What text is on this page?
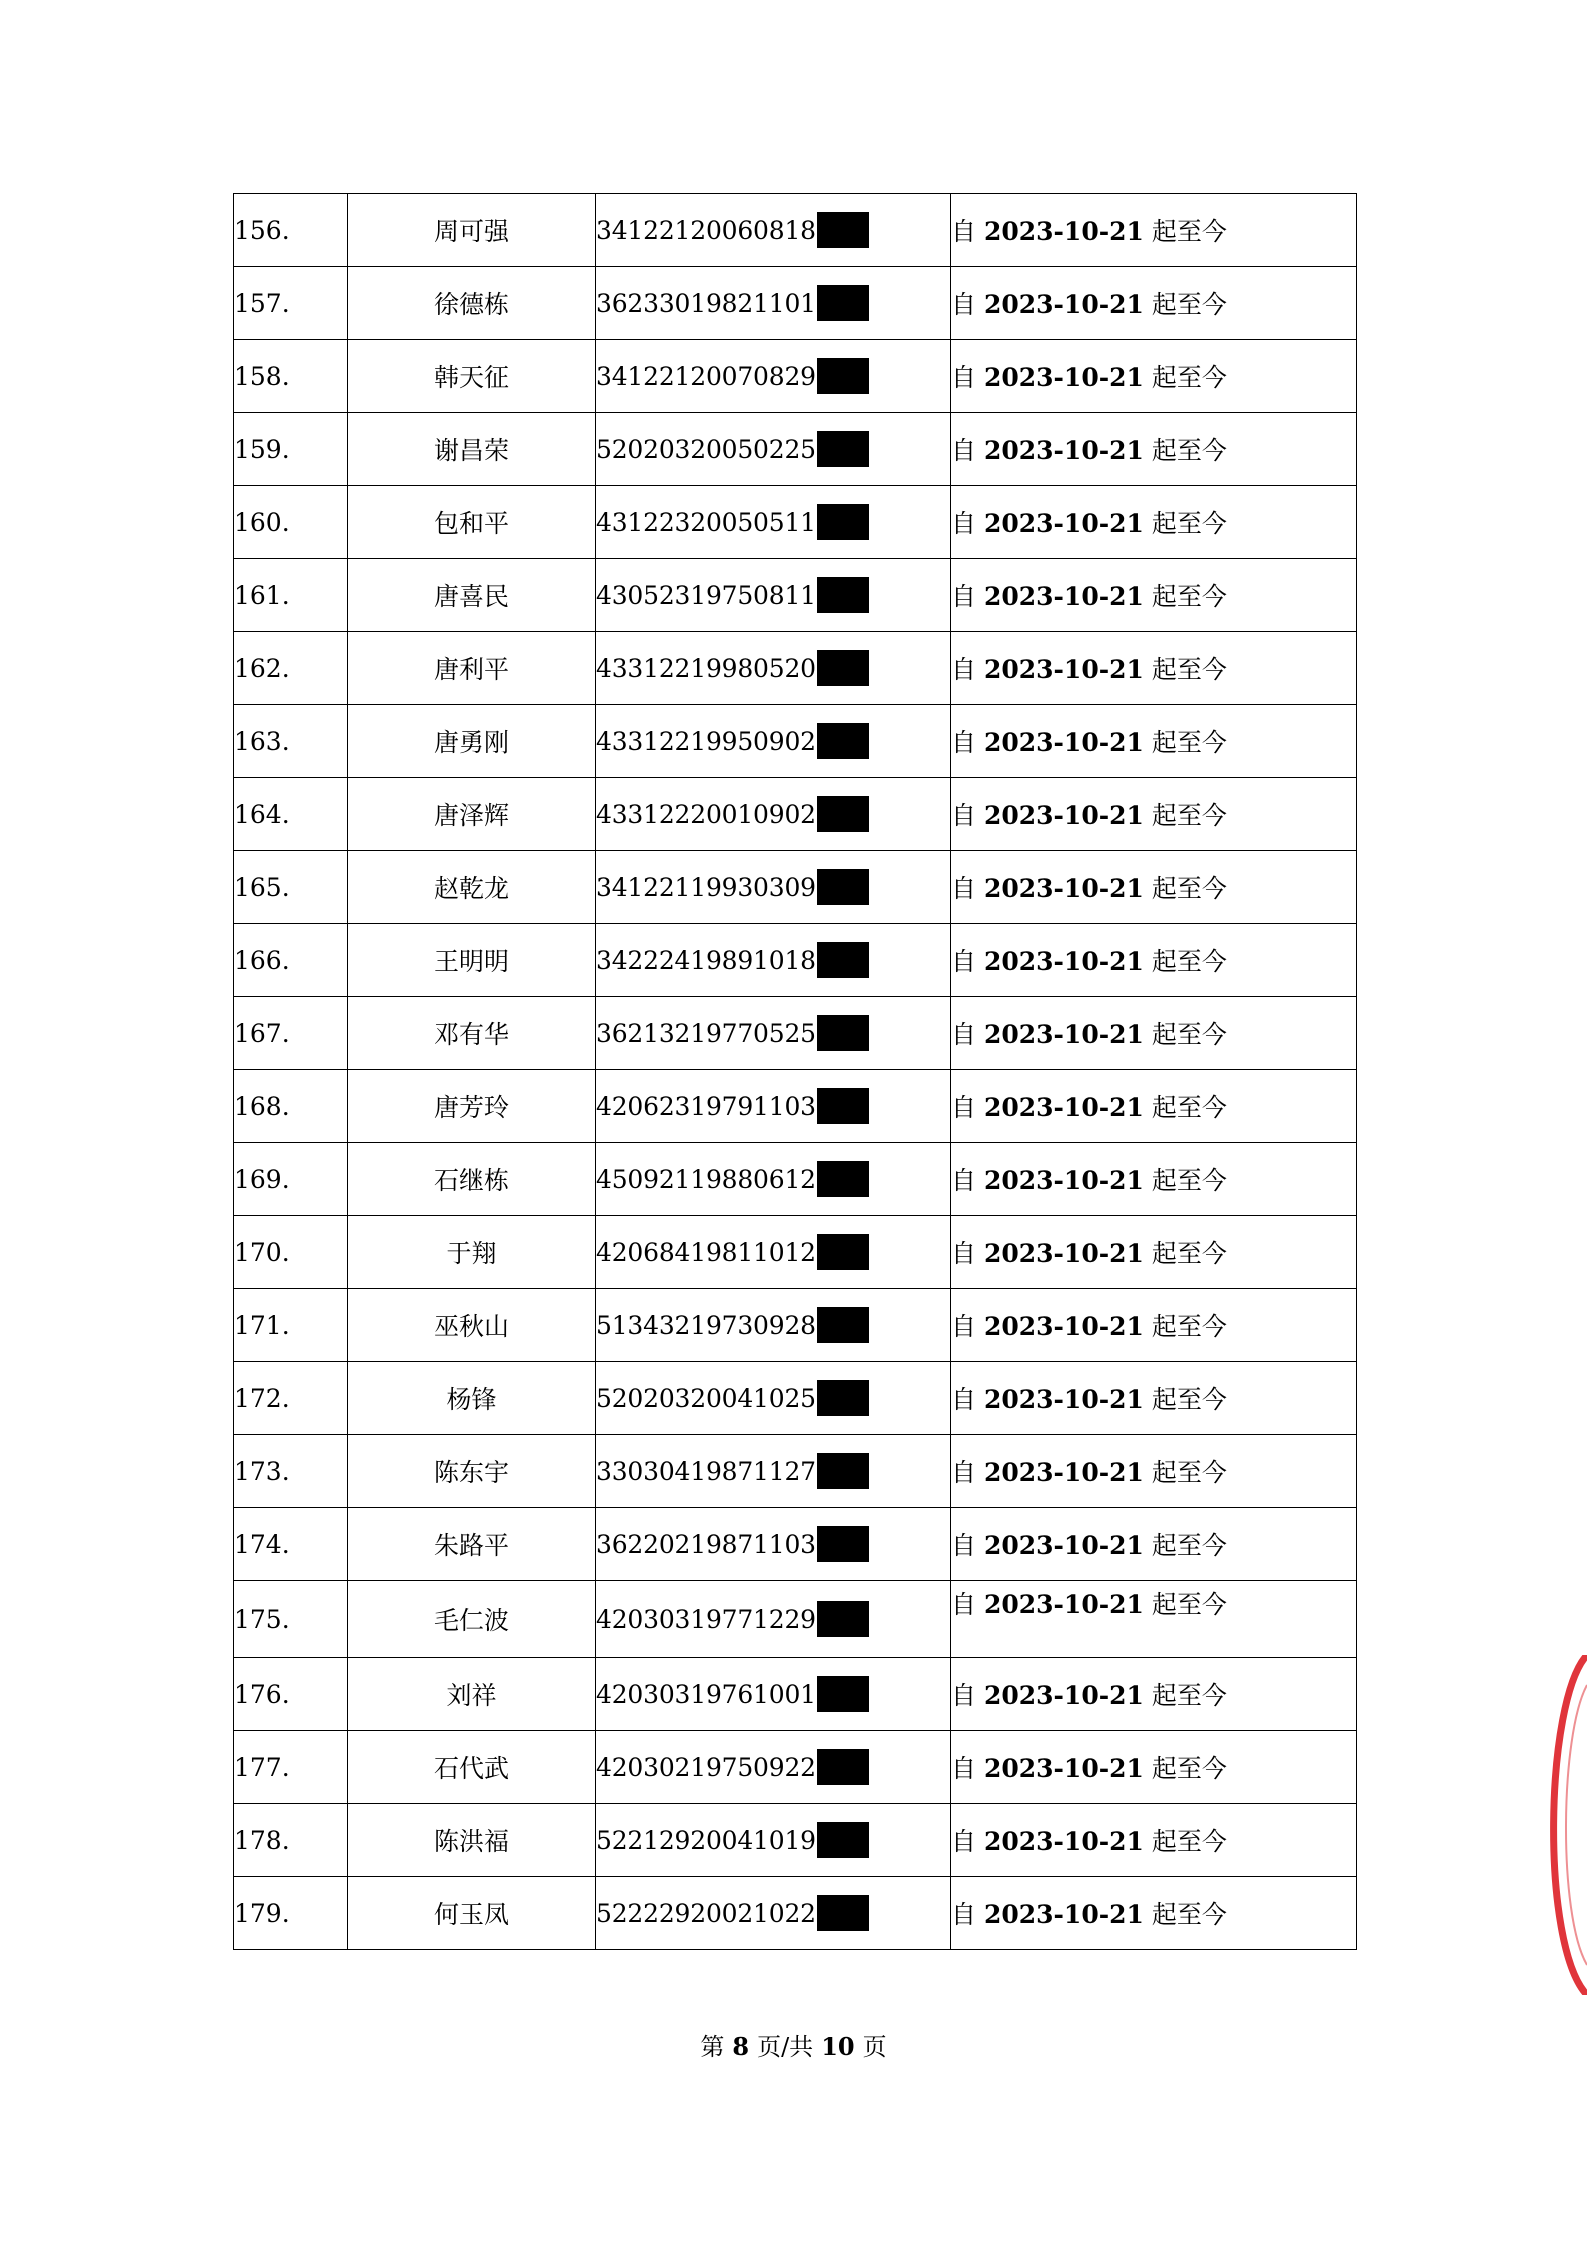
156.	周可强	34122120060818	自 2023-10-21 起至今
157.	徐德栋	36233019821101	自 2023-10-21 起至今
158.	韩天征	34122120070829	自 2023-10-21 起至今
159.	谢昌荣	52020320050225	自 2023-10-21 起至今
160.	包和平	43122320050511	自 2023-10-21 起至今
161.	唐喜民	43052319750811	自 2023-10-21 起至今
162.	唐利平	43312219980520	自 2023-10-21 起至今
163.	唐勇刚	43312219950902	自 2023-10-21 起至今
164.	唐泽辉	43312220010902	自 2023-10-21 起至今
165.	赵乾龙	34122119930309	自 2023-10-21 起至今
166.	王明明	34222419891018	自 2023-10-21 起至今
167.	邓有华	36213219770525	自 2023-10-21 起至今
168.	唐芳玲	42062319791103	自 2023-10-21 起至今
169.	石继栋	45092119880612	自 2023-10-21 起至今
170.	于翔	42068419811012	自 2023-10-21 起至今
171.	巫秋山	51343219730928	自 2023-10-21 起至今
172.	杨锋	52020320041025	自 2023-10-21 起至今
173.	陈东宇	33030419871127	自 2023-10-21 起至今
174.	朱路平	36220219871103	自 2023-10-21 起至今
175.	毛仁波	42030319771229	自 2023-10-21 起至今
176.	刘祥	42030319761001	自 2023-10-21 起至今
177.	石代武	42030219750922	自 2023-10-21 起至今
178.	陈洪福	52212920041019	自 2023-10-21 起至今
179.	何玉凤	52222920021022	自 2023-10-21 起至今
第 8 页/共 10 页
